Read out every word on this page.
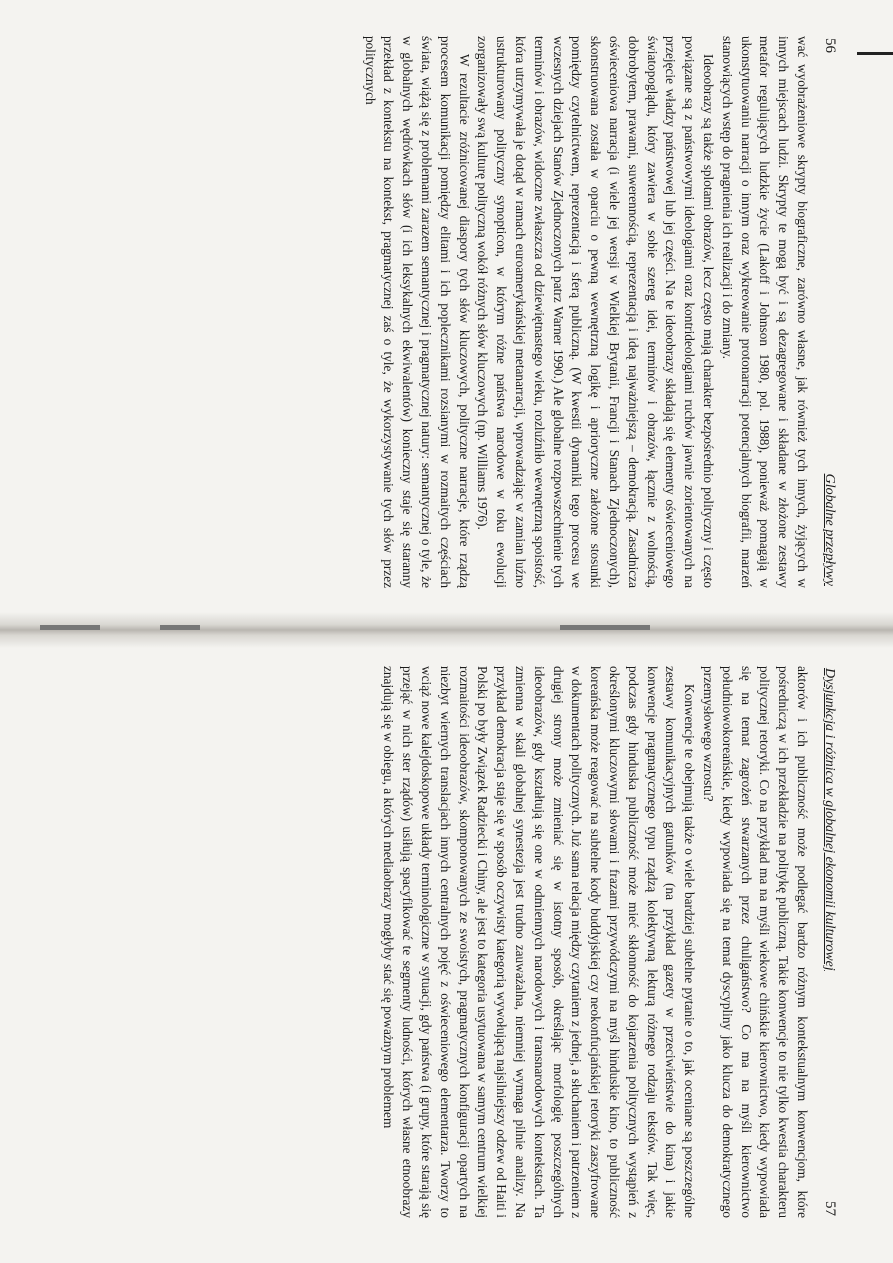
56
Globalne przepływy

wać wyobrażeniowe skrypty biograficzne, zarówno własne, jak również tych innych, żyjących w innych miejscach ludzi. Skrypty te mogą być i są dezagregowane i składane w złożone zestawy metafor regulujących ludzkie życie (Lakoff i Johnson 1980, pol. 1988), ponieważ pomagają w ukonstytuowaniu narracji o innym oraz wykreowanie protonarracji potencjalnych biografii, marzeń stanowiących wstęp do pragnienia ich realizacji i do zmiany.

Ideoobrazy są także splotami obrazów, lecz często mają charakter bezpośrednio polityczny i często powiązane są z państwowymi ideologiami oraz kontrideologiami ruchów jawnie zorientowanych na przejęcie władzy państwowej lub jej części. Na te ideoobrazy składają się elementy oświeceniowego światopoglądu, który zawiera w sobie szereg idei, terminów i obrazów, łącznie z wolnością, dobrobytem, prawami, suwerennością, reprezentacją i ideą najważniejszą – demokracją. Zasadnicza oświeceniowa narracja (i wiele jej wersji w Wielkiej Brytanii, Francji i Stanach Zjednoczonych), skonstruowana została w oparciu o pewną wewnętrzną logikę i aprioryczne założone stosunki pomiędzy czytelnictwem, reprezentacją i sferą publiczną. (W kwestii dynamiki tego procesu we wczesnych dziejach Stanów Zjednoczonych patrz Warner 1990.) Ale globalne rozpowszechnienie tych terminów i obrazów, widoczne zwłaszcza od dziewiętnastego wieku, rozluźniło wewnętrzną spoistość, która utrzymywała je dotąd w ramach euroamerykańskiej metanarracji, wprowadzając w zamian luźno ustrukturowany polityczny synopticon, w którym różne państwa narodowe w toku ewolucji zorganizowały swą kulturę polityczną wokół różnych słów kluczowych (np. Williams 1976).

W rezultacie zróżnicowanej diaspory tych słów kluczowych, polityczne narracje, które rządzą procesem komunikacji pomiędzy elitami i ich poplecznikami rozsianymi w rozmaitych częściach świata, wiążą się z problemami zarazem semantycznej i pragmatycznej natury: semantycznej o tyle, że w globalnych wędrówkach słów (i ich leksykalnych ekwiwalentów) konieczny staje się staranny przekład z kontekstu na kontekst, pragmatycznej zaś o tyle, że wykorzystywanie tych słów przez politycznych

Dysjunkcja i różnica w globalnej ekonomii kulturowej
57

aktorów i ich publiczność może podlegać bardzo różnym kontekstualnym konwencjom, które pośredniczą w ich przekładzie na politykę publiczną. Takie konwencje to nie tylko kwestia charakteru politycznej retoryki. Co na przykład ma na myśli wiekowe chińskie kierownictwo, kiedy wypowiada się na temat zagrożeń stwarzanych przez chuligaństwo? Co ma na myśli kierownictwo południowokoreańskie, kiedy wypowiada się na temat dyscypliny jako klucza do demokratycznego przemysłowego wzrostu?

Konwencje te obejmują także o wiele bardziej subtelne pytanie o to, jak oceniane są poszczególne zestawy komunikacyjnych gatunków (na przykład gazety w przeciwieństwie do kina) i jakie konwencje pragmatycznego typu rządzą kolektywną lekturą różnego rodzaju tekstów. Tak więc, podczas gdy hinduska publiczność może mieć skłonność do kojarzenia politycznych wystąpień z określonymi kluczowymi słowami i frazami przywódczymi na myśl hinduskie kino, to publiczność koreańska może reagować na subtelne kody buddyjskiej czy neokonfucjańskiej retoryki zaszyfrowane w dokumentach politycznych. Już sama relacja między czytaniem z jednej, a słuchaniem i patrzeniem z drugiej strony może zmieniać się w istotny sposób, określając morfologię poszczególnych ideoobrazów, gdy kształtują się one w odmiennych narodowych i transnarodowych kontekstach. Ta zmienna w skali globalnej synestezja jest trudno zauważalna, niemniej wymaga pilnie analizy. Na przykład demokracja staje się w sposób oczywisty kategorią wywołującą najsilniejszy odzew od Haiti i Polski po były Związek Radziecki i Chiny, ale jest to kategoria usytuowana w samym centrum wielkiej rozmaitości ideoobrazów, skomponowanych ze swoistych, pragmatycznych konfiguracji opartych na niezbyt wiernych translacjach innych centralnych pojęć z oświeceniowego elementarza. Tworzy to wciąż nowe kalejdoskopowe układy terminologiczne w sytuacji, gdy państwa (i grupy, które starają się przejąć w nich ster rządów) usiłują spacyfikować te segmenty ludności, których własne etnoobrazy znajdują się w obiegu, a których mediaobrazy mogłyby stać się poważnym problemem
